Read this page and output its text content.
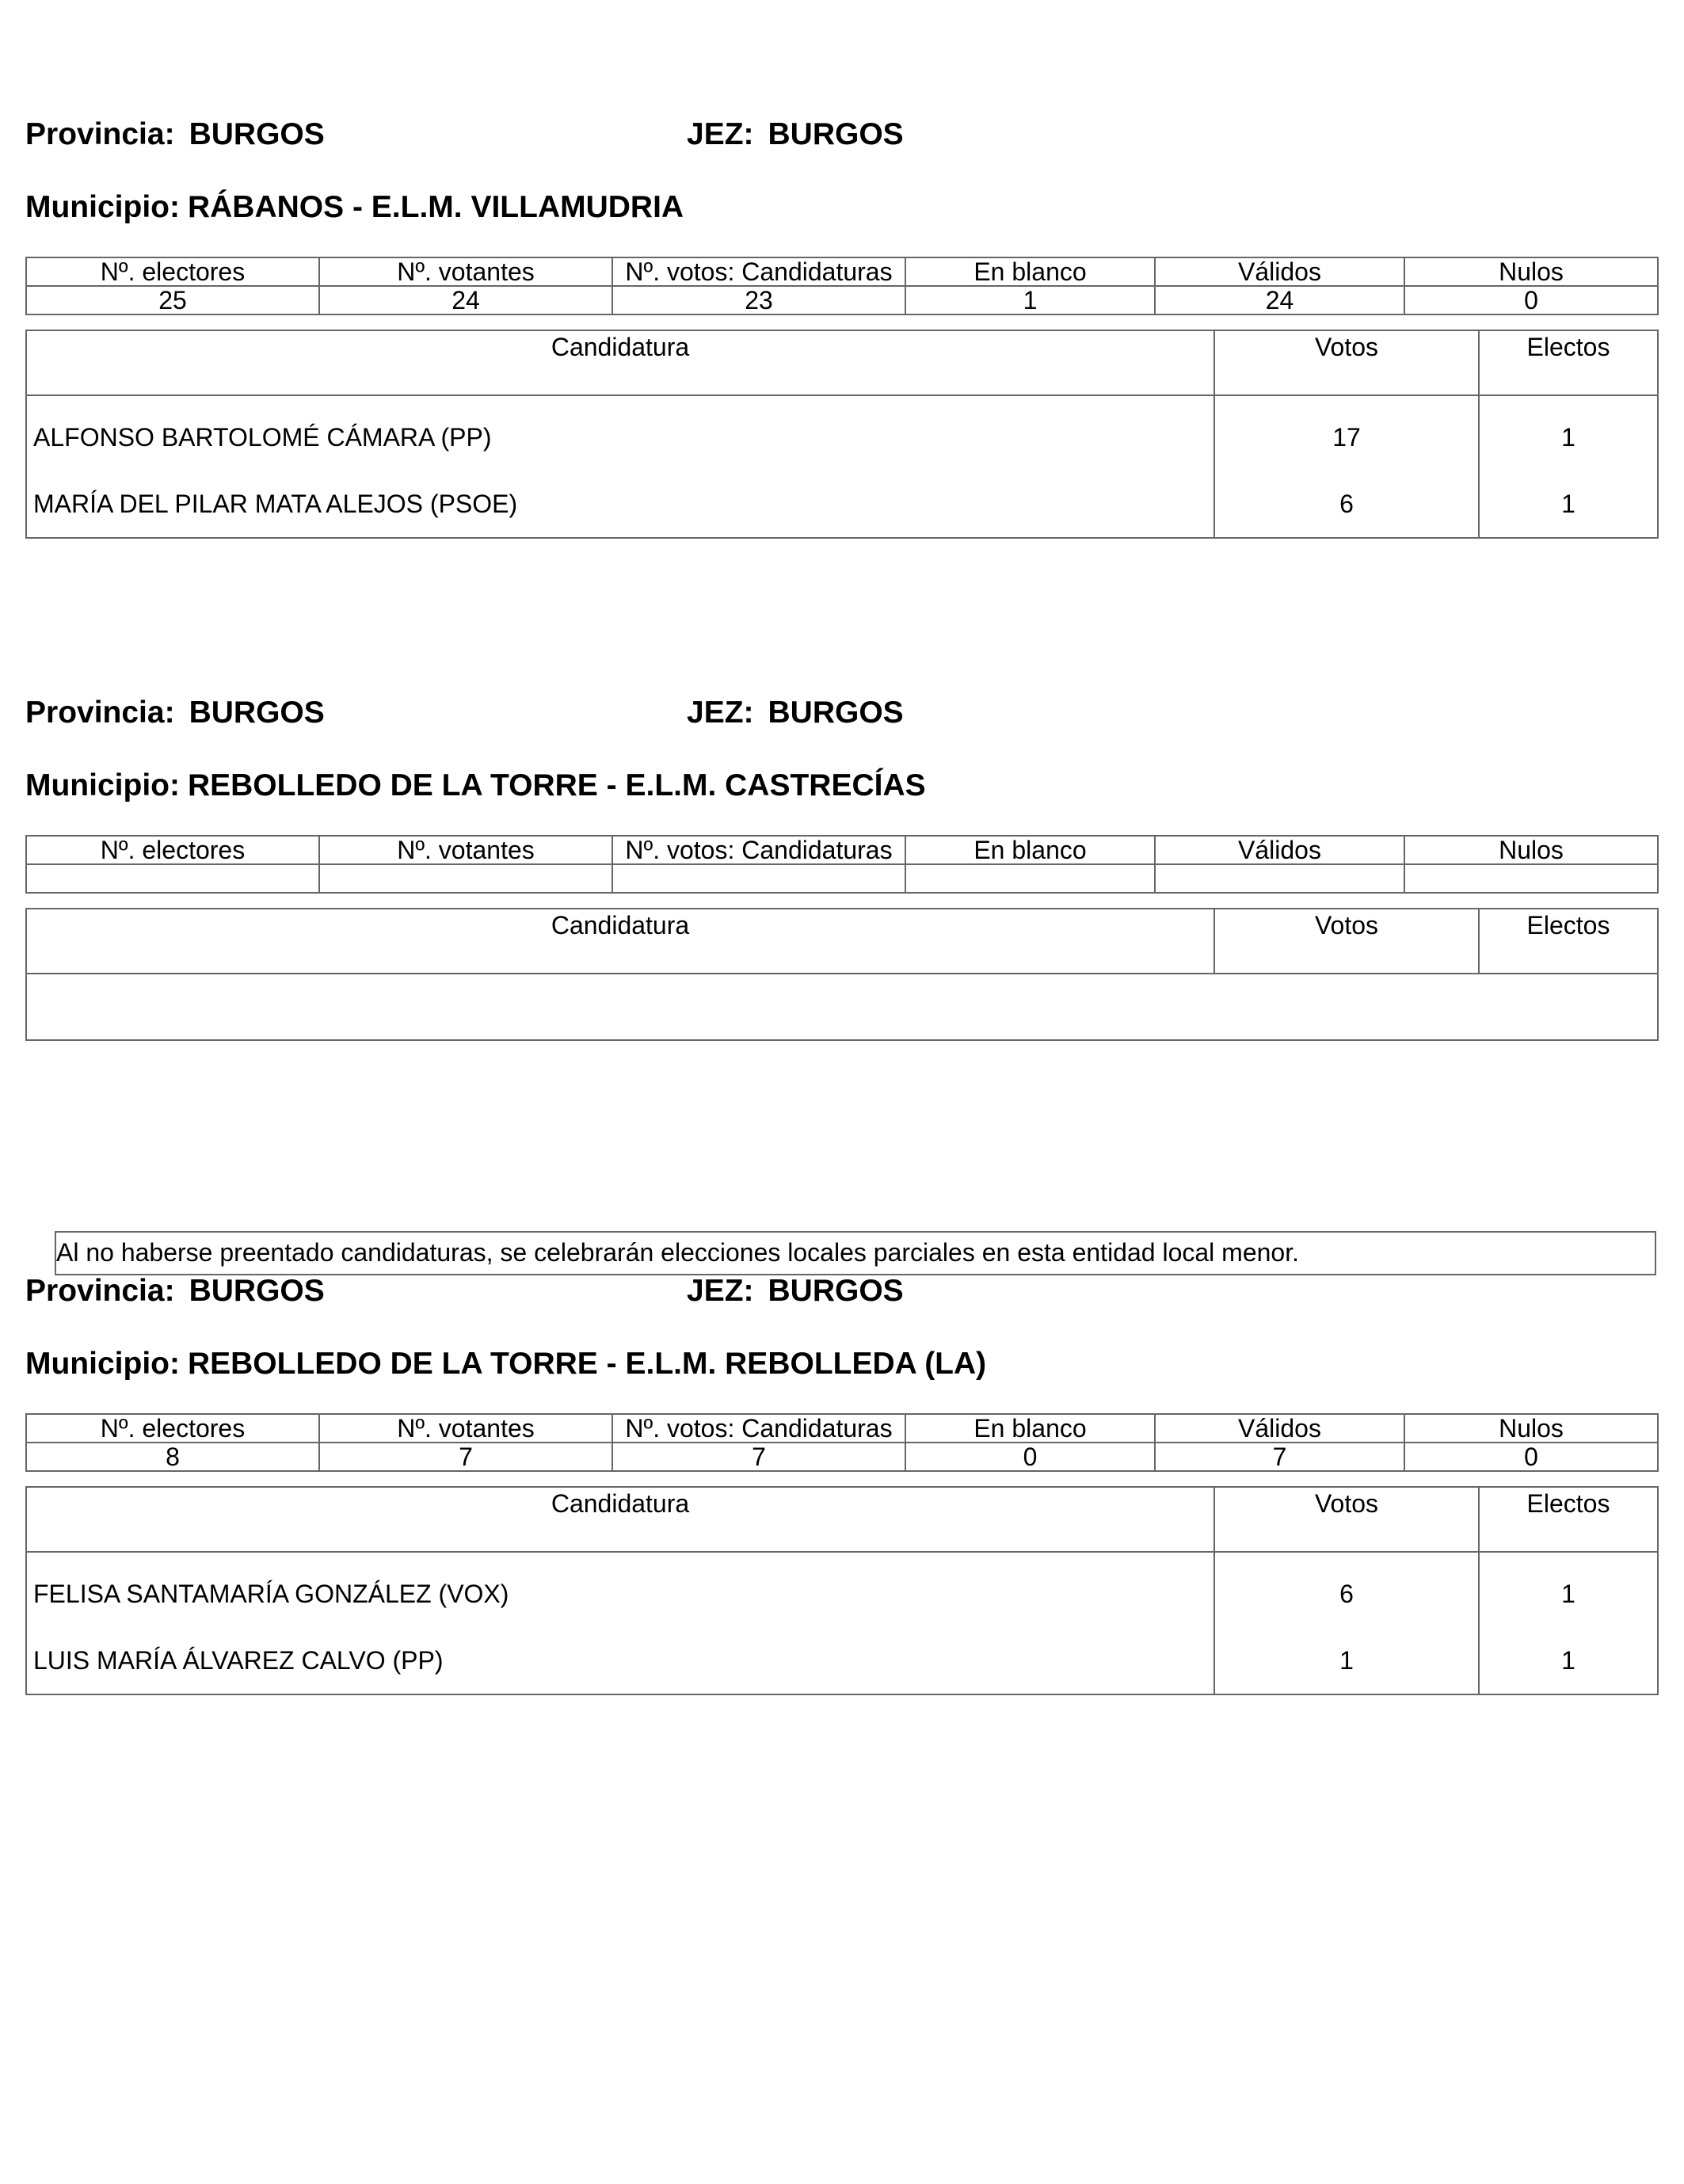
Provincia: BURGOS	JEZ: BURGOS
Municipio: RÁBANOS - E.L.M. VILLAMUDRIA
Nº. electores	Nº. votantes	Nº. votos: Candidaturas	En blanco	Válidos	Nulos
25	24	23	1	24	0
Candidatura	Votos	Electos
ALFONSO BARTOLOMÉ CÁMARA (PP)	17	1
MARÍA DEL PILAR MATA ALEJOS (PSOE)	6	1
Provincia: BURGOS	JEZ: BURGOS
Municipio: REBOLLEDO DE LA TORRE - E.L.M. CASTRECÍAS
Nº. electores	Nº. votantes	Nº. votos: Candidaturas	En blanco	Válidos	Nulos

Candidatura	Votos	Electos

Al no haberse preentado candidaturas, se celebrarán elecciones locales parciales en esta entidad local menor.
Provincia: BURGOS	JEZ: BURGOS
Municipio: REBOLLEDO DE LA TORRE - E.L.M. REBOLLEDA (LA)
Nº. electores	Nº. votantes	Nº. votos: Candidaturas	En blanco	Válidos	Nulos
8	7	7	0	7	0
Candidatura	Votos	Electos
FELISA SANTAMARÍA GONZÁLEZ (VOX)	6	1
LUIS MARÍA ÁLVAREZ CALVO (PP)	1	1
